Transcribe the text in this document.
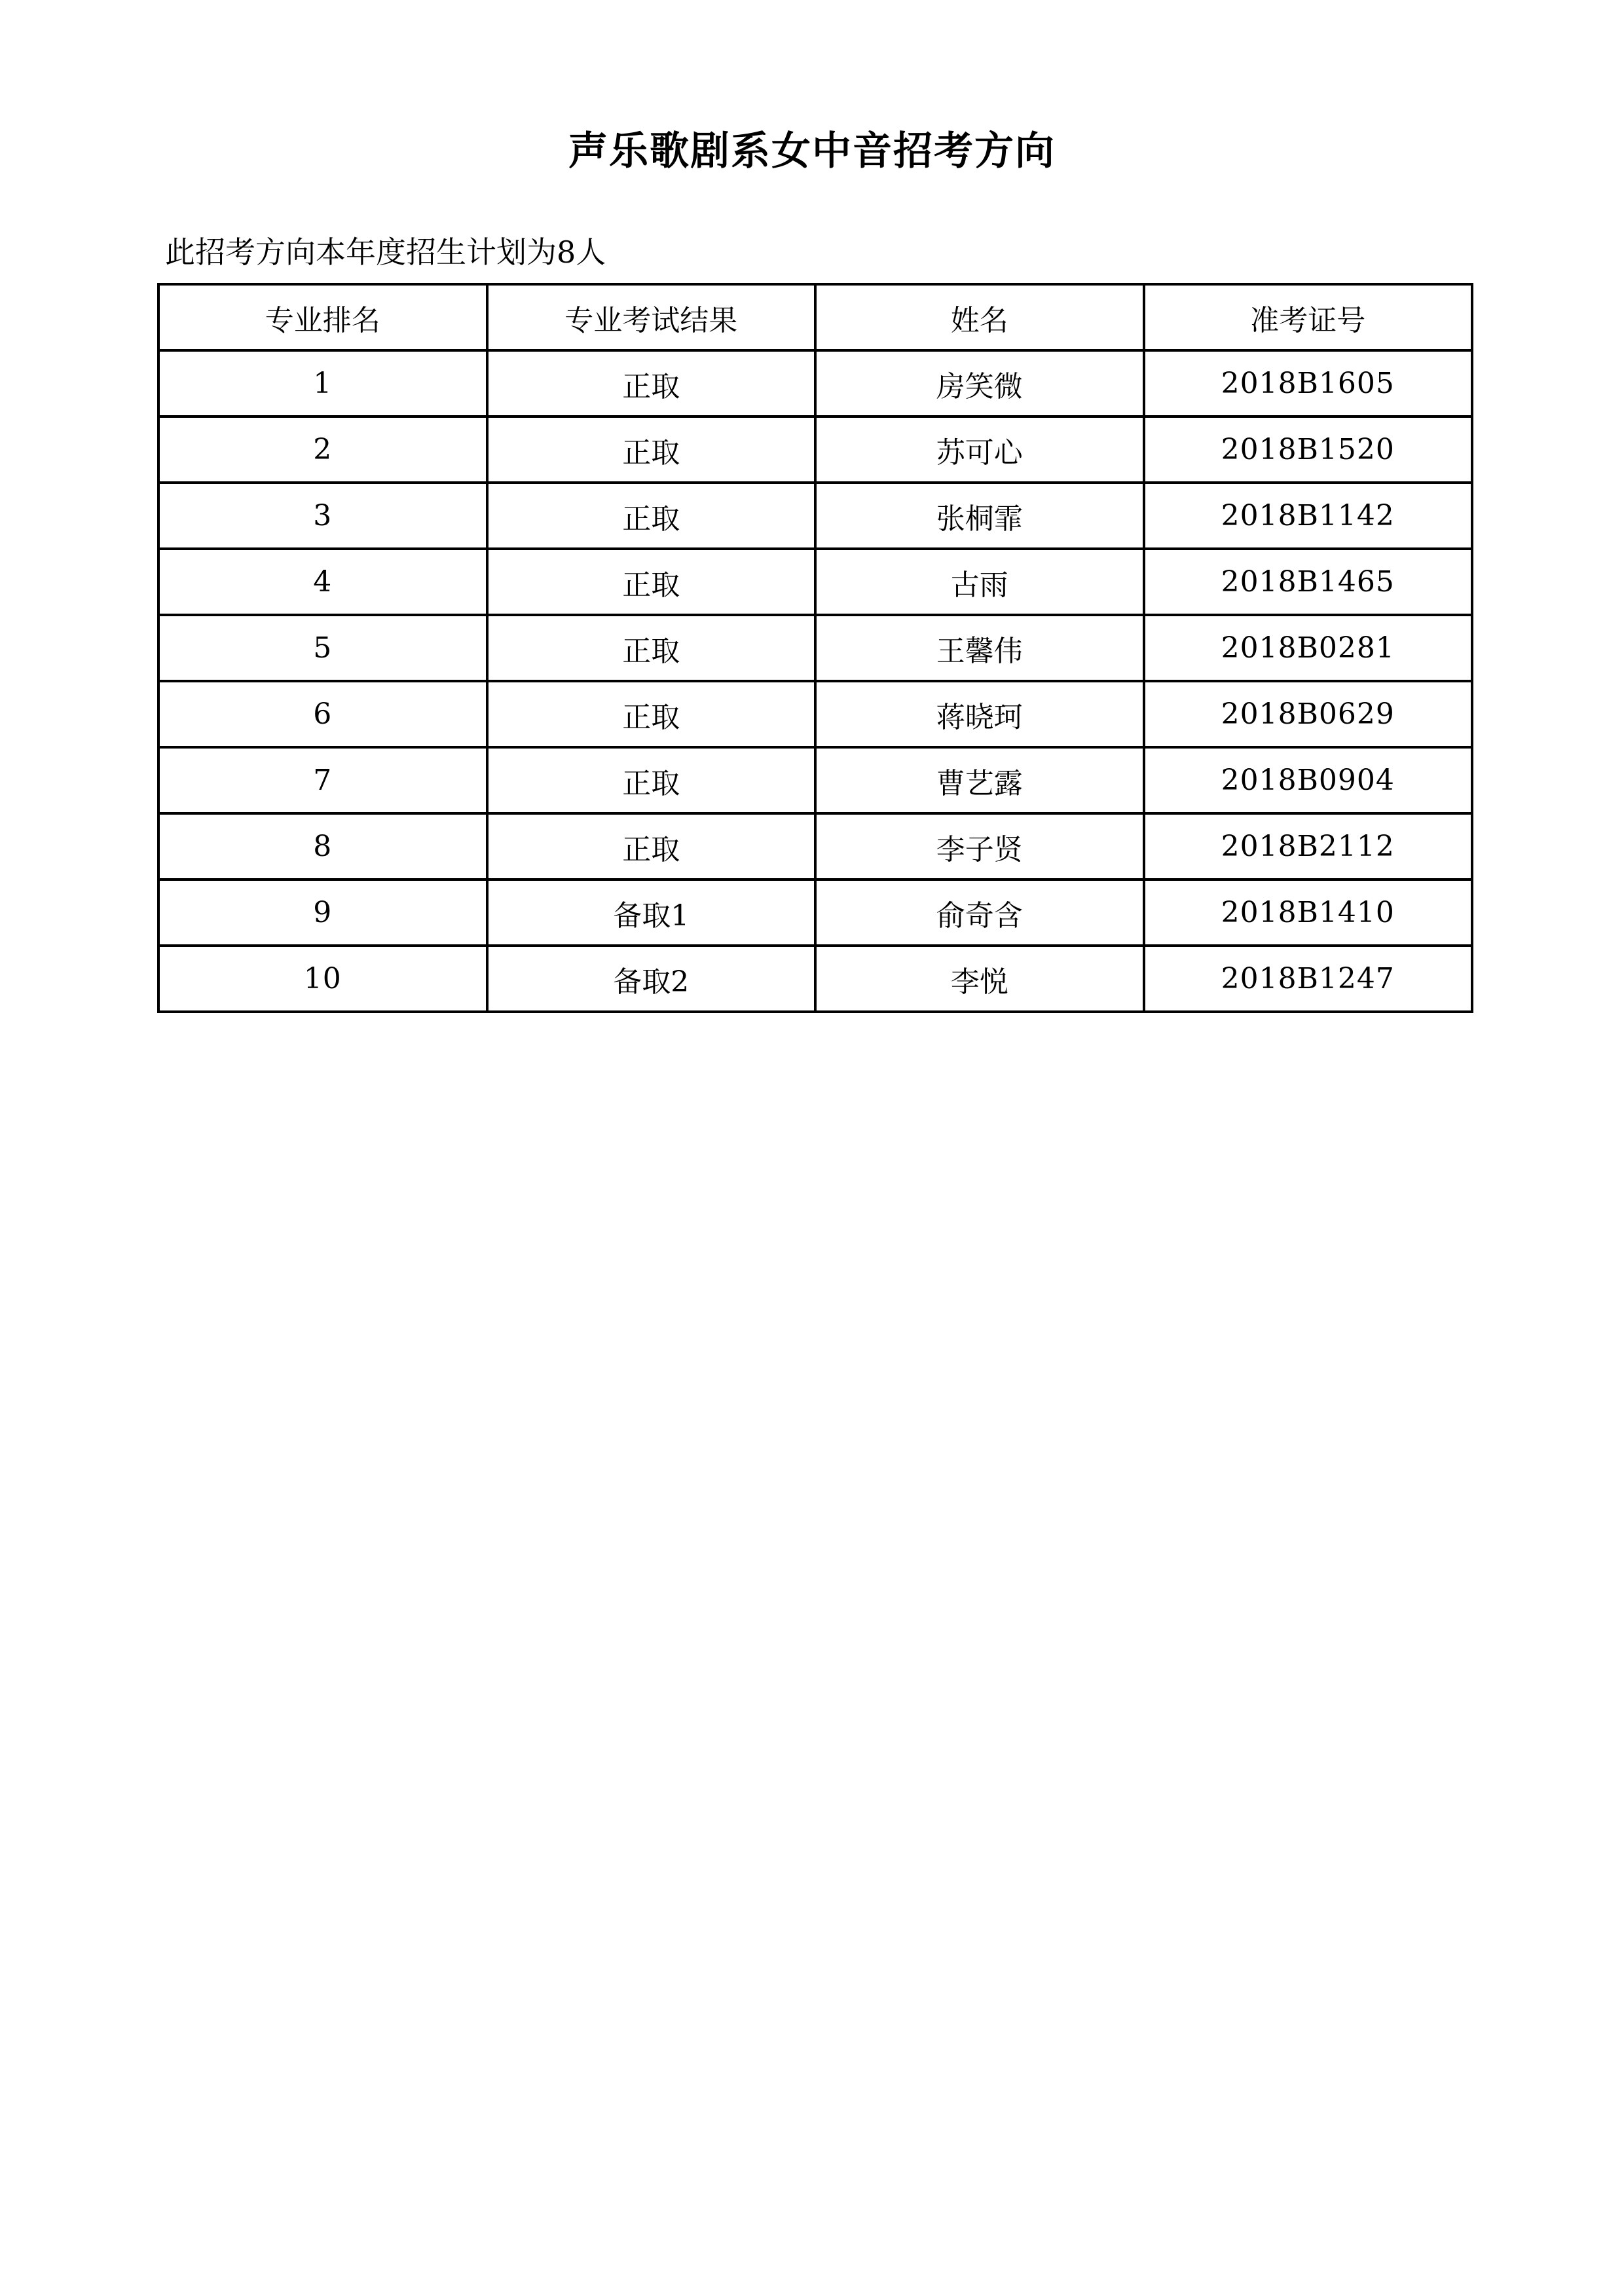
声乐歌剧系女中音招考方向
此招考方向本年度招生计划为8人
专业排名	专业考试结果	姓名	准考证号
1	正取	房笑微	2018B1605
2	正取	苏可心	2018B1520
3	正取	张桐霏	2018B1142
4	正取	古雨	2018B1465
5	正取	王馨伟	2018B0281
6	正取	蒋晓珂	2018B0629
7	正取	曹艺露	2018B0904
8	正取	李子贤	2018B2112
9	备取1	俞奇含	2018B1410
10	备取2	李悦	2018B1247
